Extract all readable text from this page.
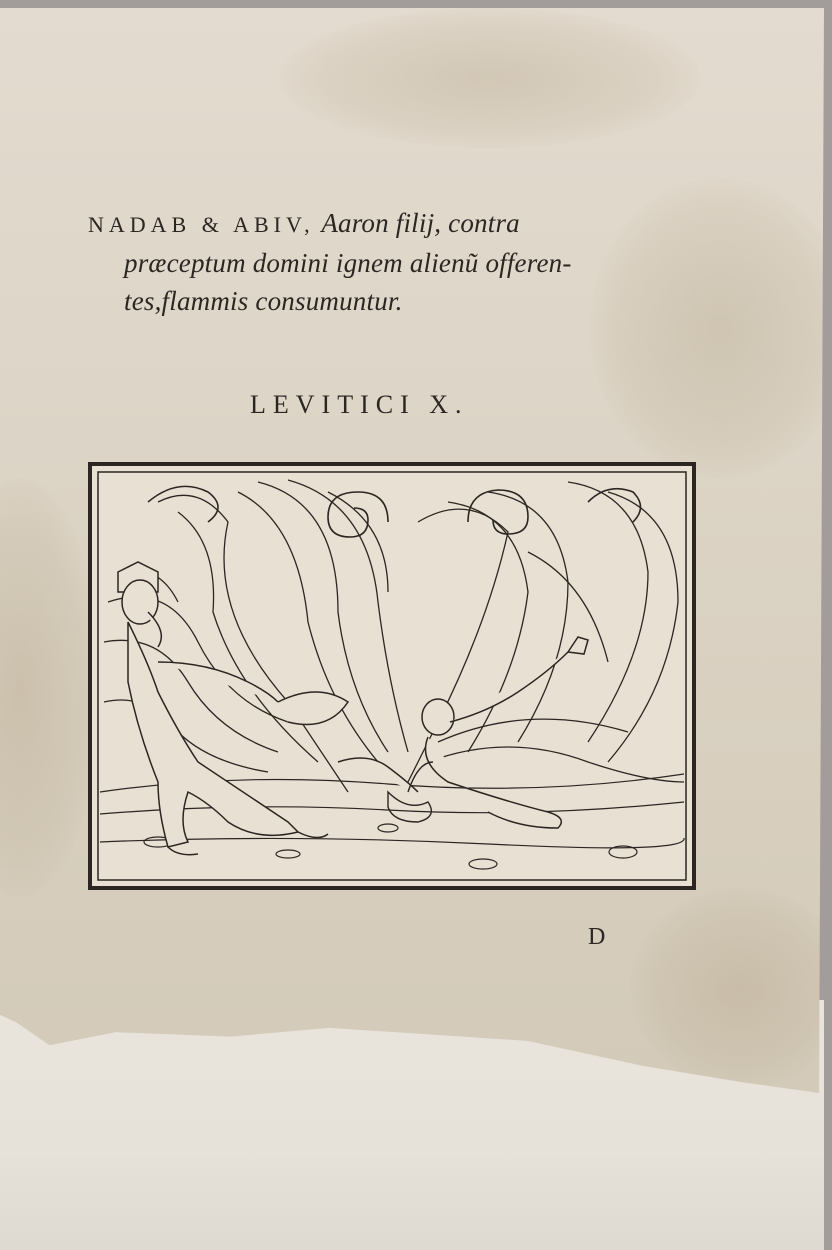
NADAB & ABIV, Aaron filij, contra
præceptum domini ignem alienũ offeren-
tes,flammis consumuntur.
LEVITICI X.
D
